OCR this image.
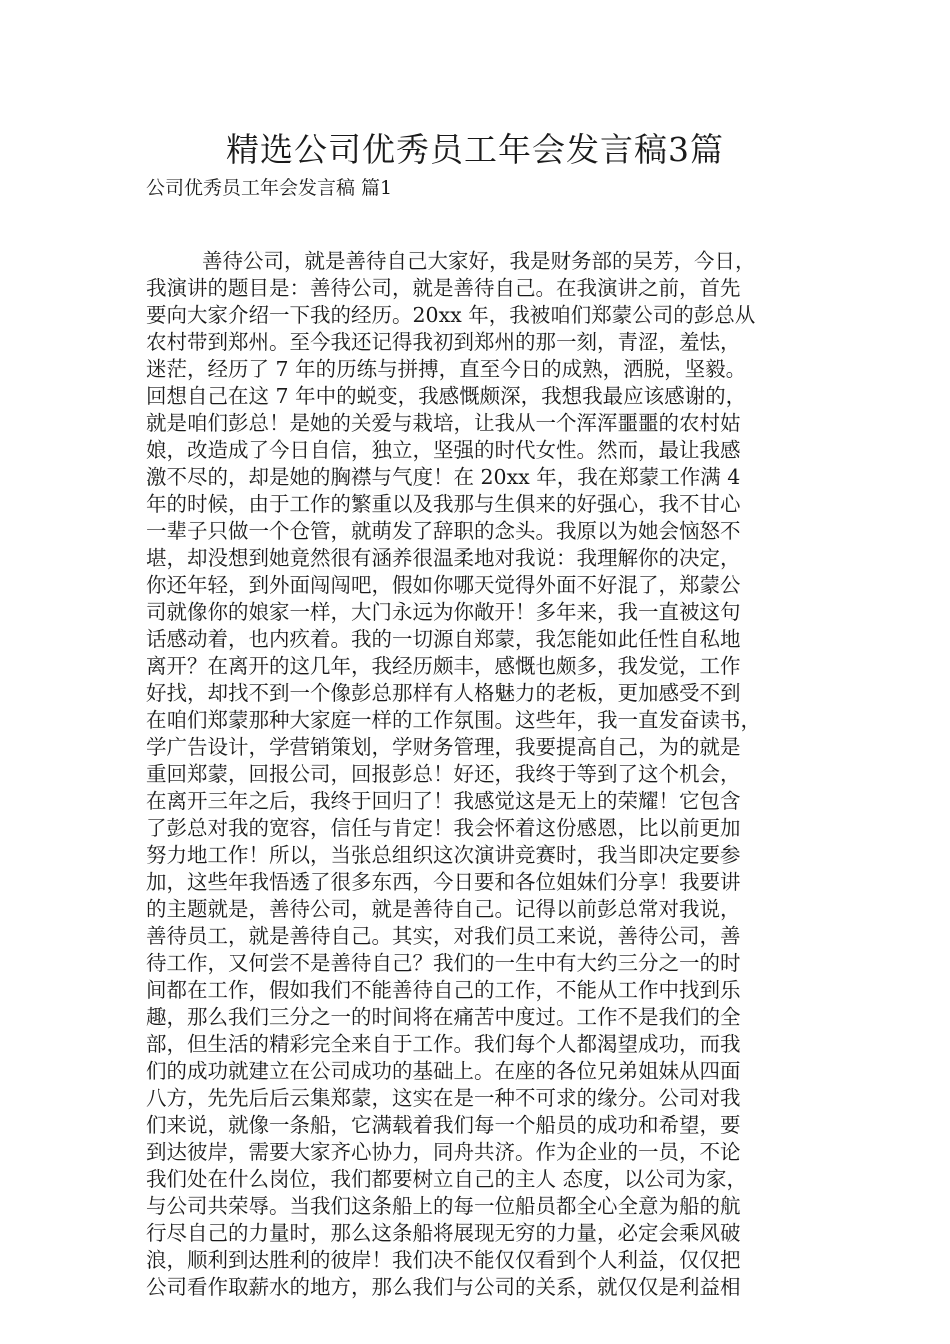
精选公司优秀员工年会发言稿3篇

公司优秀员工年会发言稿 篇1

善待公司，就是善待自己大家好，我是财务部的吴芳，今日，
我演讲的题目是：善待公司，就是善待自己。在我演讲之前，首先
要向大家介绍一下我的经历。20xx 年，我被咱们郑蒙公司的彭总从
农村带到郑州。至今我还记得我初到郑州的那一刻，青涩，羞怯，
迷茫，经历了 7 年的历练与拼搏，直至今日的成熟，洒脱，坚毅。
回想自己在这 7 年中的蜕变，我感慨颇深，我想我最应该感谢的，
就是咱们彭总！是她的关爱与栽培，让我从一个浑浑噩噩的农村姑
娘，改造成了今日自信，独立，坚强的时代女性。然而，最让我感
激不尽的，却是她的胸襟与气度！在 20xx 年，我在郑蒙工作满 4
年的时候，由于工作的繁重以及我那与生俱来的好强心，我不甘心
一辈子只做一个仓管，就萌发了辞职的念头。我原以为她会恼怒不
堪，却没想到她竟然很有涵养很温柔地对我说：我理解你的决定，
你还年轻，到外面闯闯吧，假如你哪天觉得外面不好混了，郑蒙公
司就像你的娘家一样，大门永远为你敞开！多年来，我一直被这句
话感动着，也内疚着。我的一切源自郑蒙，我怎能如此任性自私地
离开？在离开的这几年，我经历颇丰，感慨也颇多，我发觉，工作
好找，却找不到一个像彭总那样有人格魅力的老板，更加感受不到
在咱们郑蒙那种大家庭一样的工作氛围。这些年，我一直发奋读书，
学广告设计，学营销策划，学财务管理，我要提高自己，为的就是
重回郑蒙，回报公司，回报彭总！好还，我终于等到了这个机会，
在离开三年之后，我终于回归了！我感觉这是无上的荣耀！它包含
了彭总对我的宽容，信任与肯定！我会怀着这份感恩，比以前更加
努力地工作！所以，当张总组织这次演讲竞赛时，我当即决定要参
加，这些年我悟透了很多东西，今日要和各位姐妹们分享！我要讲
的主题就是，善待公司，就是善待自己。记得以前彭总常对我说，
善待员工，就是善待自己。其实，对我们员工来说，善待公司，善
待工作，又何尝不是善待自己？我们的一生中有大约三分之一的时
间都在工作，假如我们不能善待自己的工作，不能从工作中找到乐
趣，那么我们三分之一的时间将在痛苦中度过。工作不是我们的全
部，但生活的精彩完全来自于工作。我们每个人都渴望成功，而我
们的成功就建立在公司成功的基础上。在座的各位兄弟姐妹从四面
八方，先先后后云集郑蒙，这实在是一种不可求的缘分。公司对我
们来说，就像一条船，它满载着我们每一个船员的成功和希望，要
到达彼岸，需要大家齐心协力，同舟共济。作为企业的一员，不论
我们处在什么岗位，我们都要树立自己的主人 态度，以公司为家，
与公司共荣辱。当我们这条船上的每一位船员都全心全意为船的航
行尽自己的力量时，那么这条船将展现无穷的力量，必定会乘风破
浪，顺利到达胜利的彼岸！我们决不能仅仅看到个人利益，仅仅把
公司看作取薪水的地方，那么我们与公司的关系，就仅仅是利益相
